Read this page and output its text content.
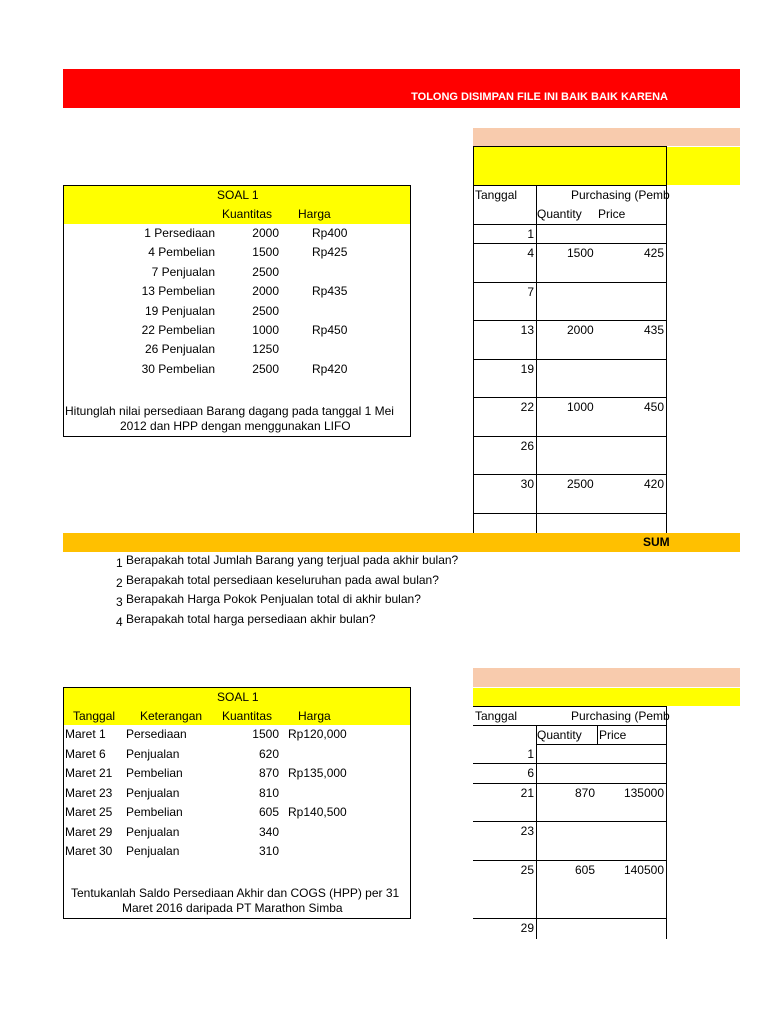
TOLONG DISIMPAN FILE INI BAIK BAIK KARENA
SOAL 1
Kuantitas Harga
1 Persediaan	2000	Rp400
4 Pembelian	1500	Rp425
7 Penjualan	2500
13 Pembelian	2000	Rp435
19 Penjualan	2500
22 Pembelian	1000	Rp450
26 Penjualan	1250
30 Pembelian	2500	Rp420
Hitunglah nilai persediaan Barang dagang pada tanggal 1 Mei
2012 dan HPP dengan menggunakan LIFO
Tanggal	Purchasing (Pemb
Quantity Price
1
4	1500	425
7
13	2000	435
19
22	1000	450
26
30	2500	420
SUM
1 Berapakah total Jumlah Barang yang terjual pada akhir bulan?
2 Berapakah total persediaan keseluruhan pada awal bulan?
3 Berapakah Harga Pokok Penjualan total di akhir bulan?
4 Berapakah total harga persediaan akhir bulan?
SOAL 1
Tanggal Keterangan Kuantitas Harga
Maret 1 Persediaan	1500 Rp120,000
Maret 6 Penjualan	620
Maret 21 Pembelian	870 Rp135,000
Maret 23 Penjualan	810
Maret 25 Pembelian	605 Rp140,500
Maret 29 Penjualan	340
Maret 30 Penjualan	310
Tentukanlah Saldo Persediaan Akhir dan COGS (HPP) per 31
Maret 2016 daripada PT Marathon Simba
Tanggal	Purchasing (Pemb
Quantity Price
1
6
21	870 135000
23
25	605 140500
29
